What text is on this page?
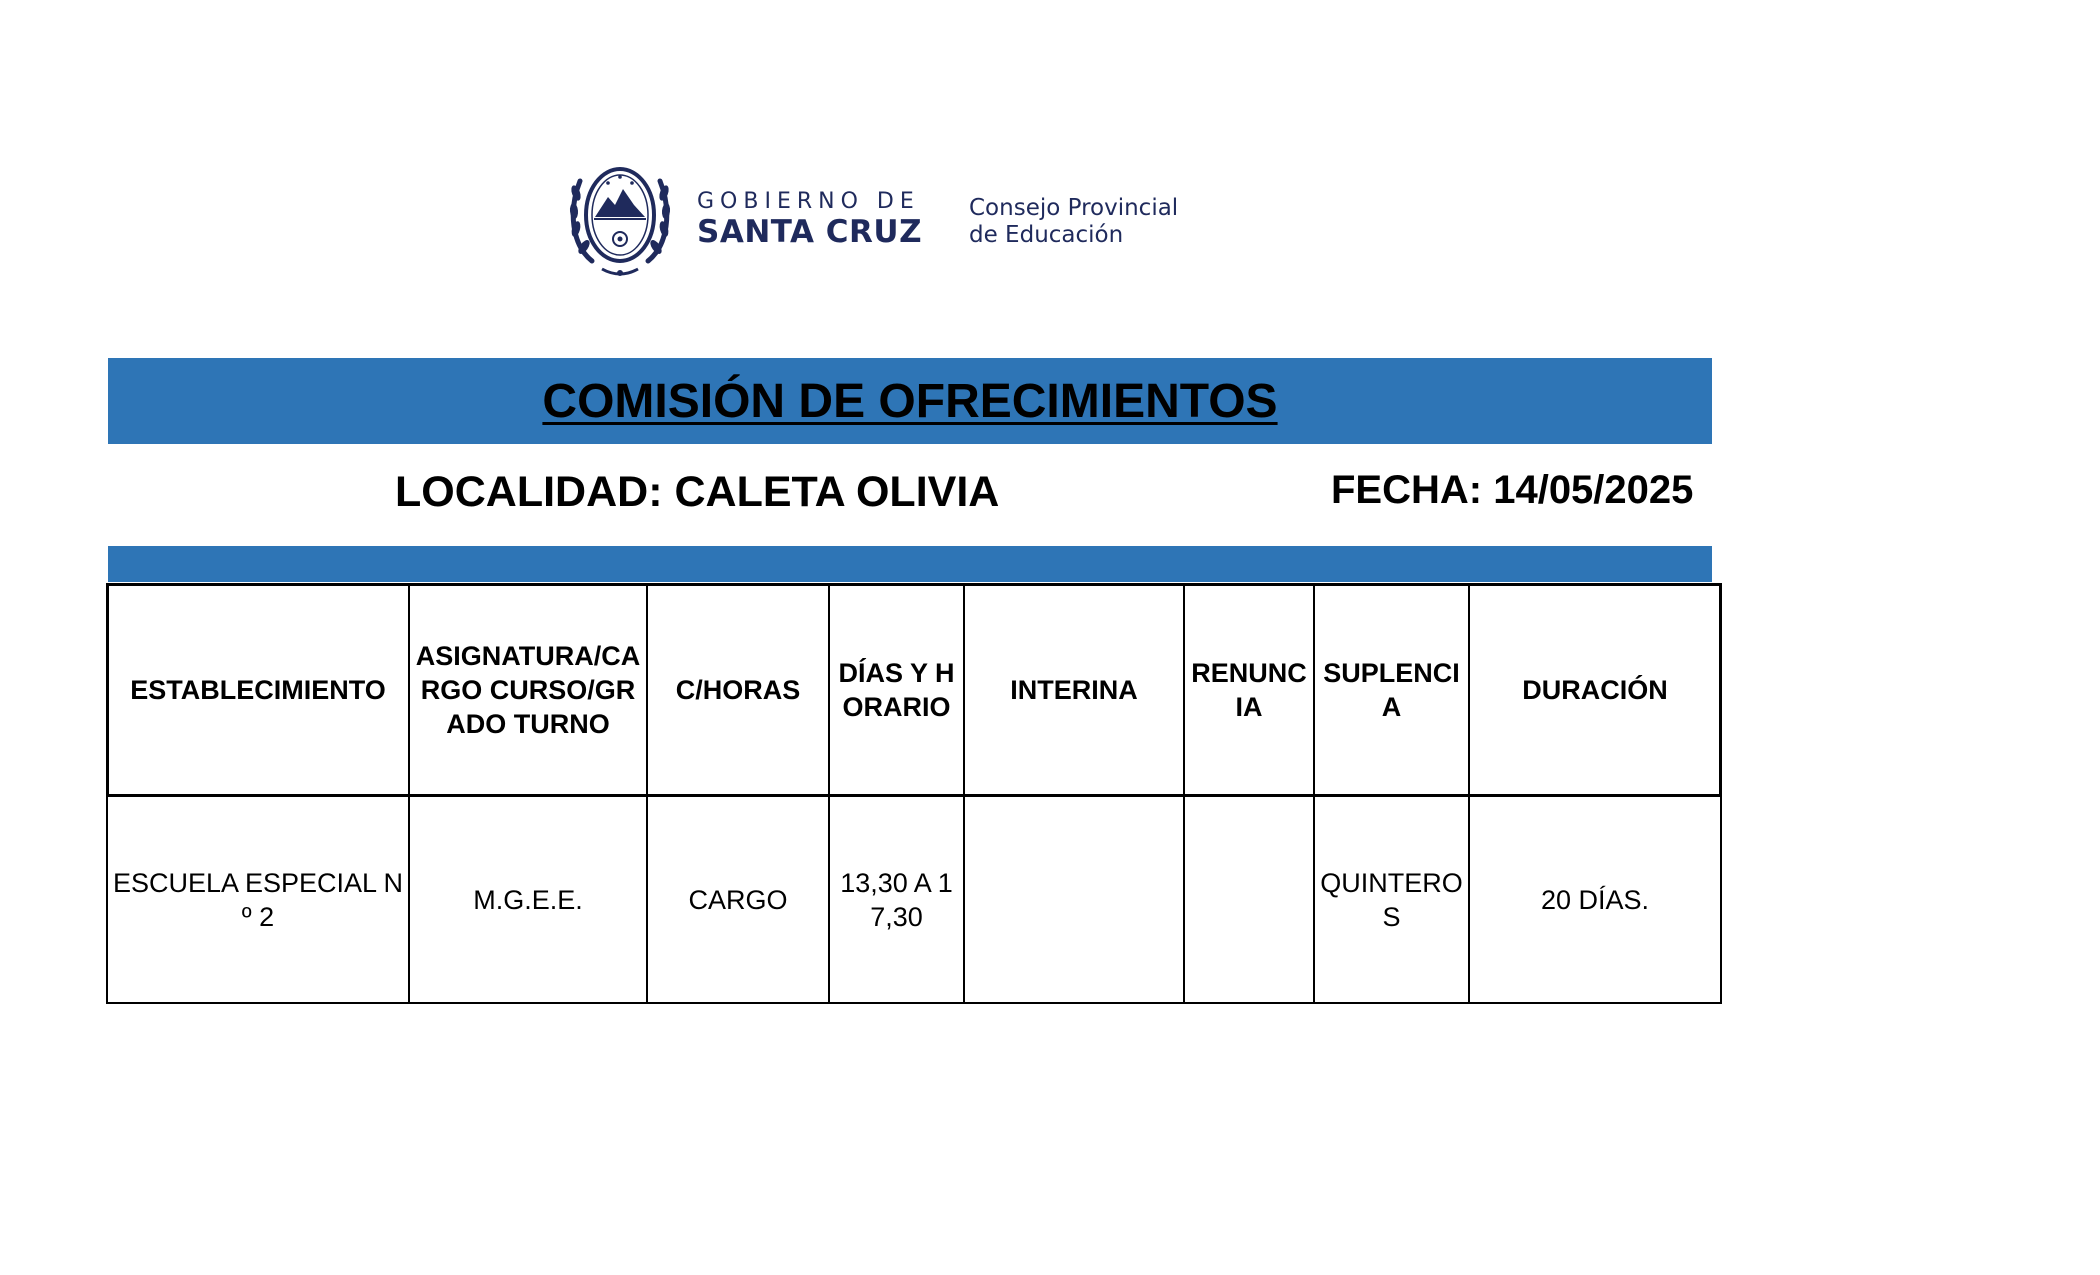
GOBIERNO DE
SANTA CRUZ
Consejo Provincial
de Educación
COMISIÓN DE OFRECIMIENTOS
LOCALIDAD: CALETA OLIVIA	FECHA: 14/05/2025
ESTABLECIMIENTO	ASIGNATURA/CARGO CURSO/GRADO TURNO	C/HORAS	DÍAS Y HORARIO	INTERINA	RENUNCIA	SUPLENCIA	DURACIÓN
ESCUELA ESPECIAL Nº 2	M.G.E.E.	CARGO	13,30 A 17,30			QUINTEROS	20 DÍAS.
